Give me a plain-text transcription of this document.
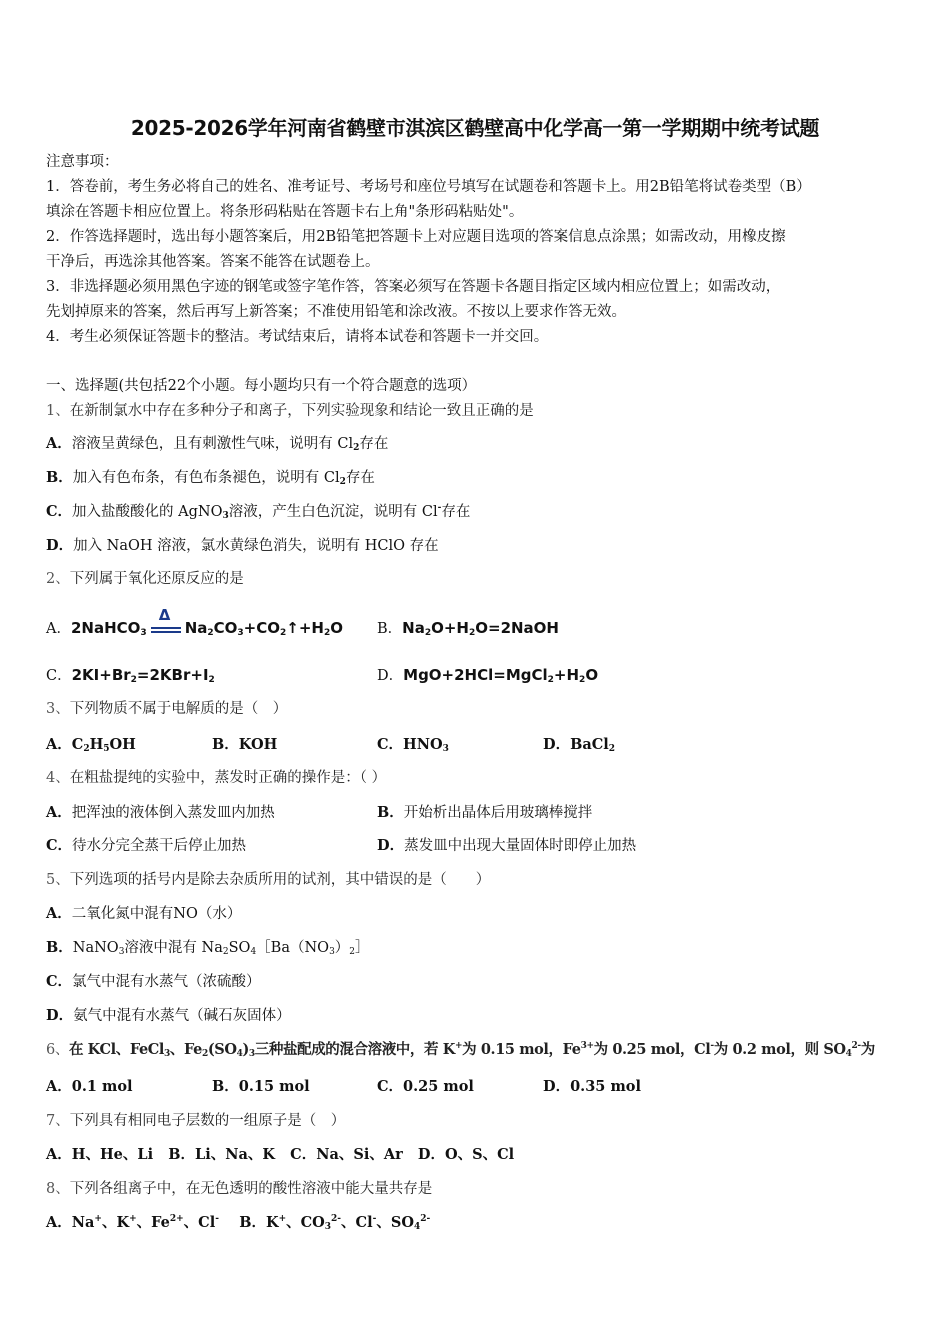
2025-2026学年河南省鹤壁市淇滨区鹤壁高中化学高一第一学期期中统考试题
注意事项：
1．答卷前，考生务必将自己的姓名、准考证号、考场号和座位号填写在试题卷和答题卡上。用2B铅笔将试卷类型（B）
填涂在答题卡相应位置上。将条形码粘贴在答题卡右上角"条形码粘贴处"。
2．作答选择题时，选出每小题答案后，用2B铅笔把答题卡上对应题目选项的答案信息点涂黑；如需改动，用橡皮擦
干净后，再选涂其他答案。答案不能答在试题卷上。
3．非选择题必须用黑色字迹的钢笔或签字笔作答，答案必须写在答题卡各题目指定区域内相应位置上；如需改动，
先划掉原来的答案，然后再写上新答案；不准使用铅笔和涂改液。不按以上要求作答无效。
4．考生必须保证答题卡的整洁。考试结束后，请将本试卷和答题卡一并交回。
一、选择题(共包括22个小题。每小题均只有一个符合题意的选项）
1、在新制氯水中存在多种分子和离子，下列实验现象和结论一致且正确的是
A．溶液呈黄绿色，且有刺激性气味，说明有 $Cl_2$存在
B．加入有色布条，有色布条褪色，说明有 $Cl_2$存在
C．加入盐酸酸化的 AgNO$_3$溶液，产生白色沉淀，说明有 Cl-存在
D．加入 NaOH 溶液，氯水黄绿色消失，说明有 HClO 存在
2、下列属于氧化还原反应的是
A．2NaHCO$_3$
Δ
$Na_2CO_3+CO_2↑+H_2O$ B．$Na_2O+H_2O=2NaOH$
C．$2KI+Br_2=2KBr+I_2$	D．$MgO+2HCl=MgCl_2+H_2O$
3、下列物质不属于电解质的是（　）
A．$C_2H_5OH$	B．KOH	C．$HNO_3$	D．BaCl$_2$
4、在粗盐提纯的实验中，蒸发时正确的操作是：（ ）
A．把浑浊的液体倒入蒸发皿内加热	B．开始析出晶体后用玻璃棒搅拌
C．待水分完全蒸干后停止加热	D．蒸发皿中出现大量固体时即停止加热
5、下列选项的括号内是除去杂质所用的试剂，其中错误的是（　　）
A．二氧化氮中混有NO（水）
B．NaNO$_3$溶液中混有 $Na_2SO_4[Ba(NO_3)_2]$
C．氯气中混有水蒸气（浓硫酸）
D．氨气中混有水蒸气（碱石灰固体）
6、在 KCl、FeCl$_3$、$Fe_2(SO_4)_3$三种盐配成的混合溶液中，若 K+为 0.15 mol，$Fe^{3+}$为 0.25 mol，Cl-为 0.2 mol，则 $SO_4^{2-}$为
A．0.1 mol	B．0.15 mol	C．0.25 mol	D．0.35 mol
7、下列具有相同电子层数的一组原子是（　）
A．H、He、Li B．Li、Na、K C．Na、Si、Ar D．O、S、Cl
8、下列各组离子中，在无色透明的酸性溶液中能大量共存是
A．Na+、K+、$Fe^{2+}$、Cl- B．K+、$CO_3^{2-}$、Cl-、$SO_4^{2-}$
